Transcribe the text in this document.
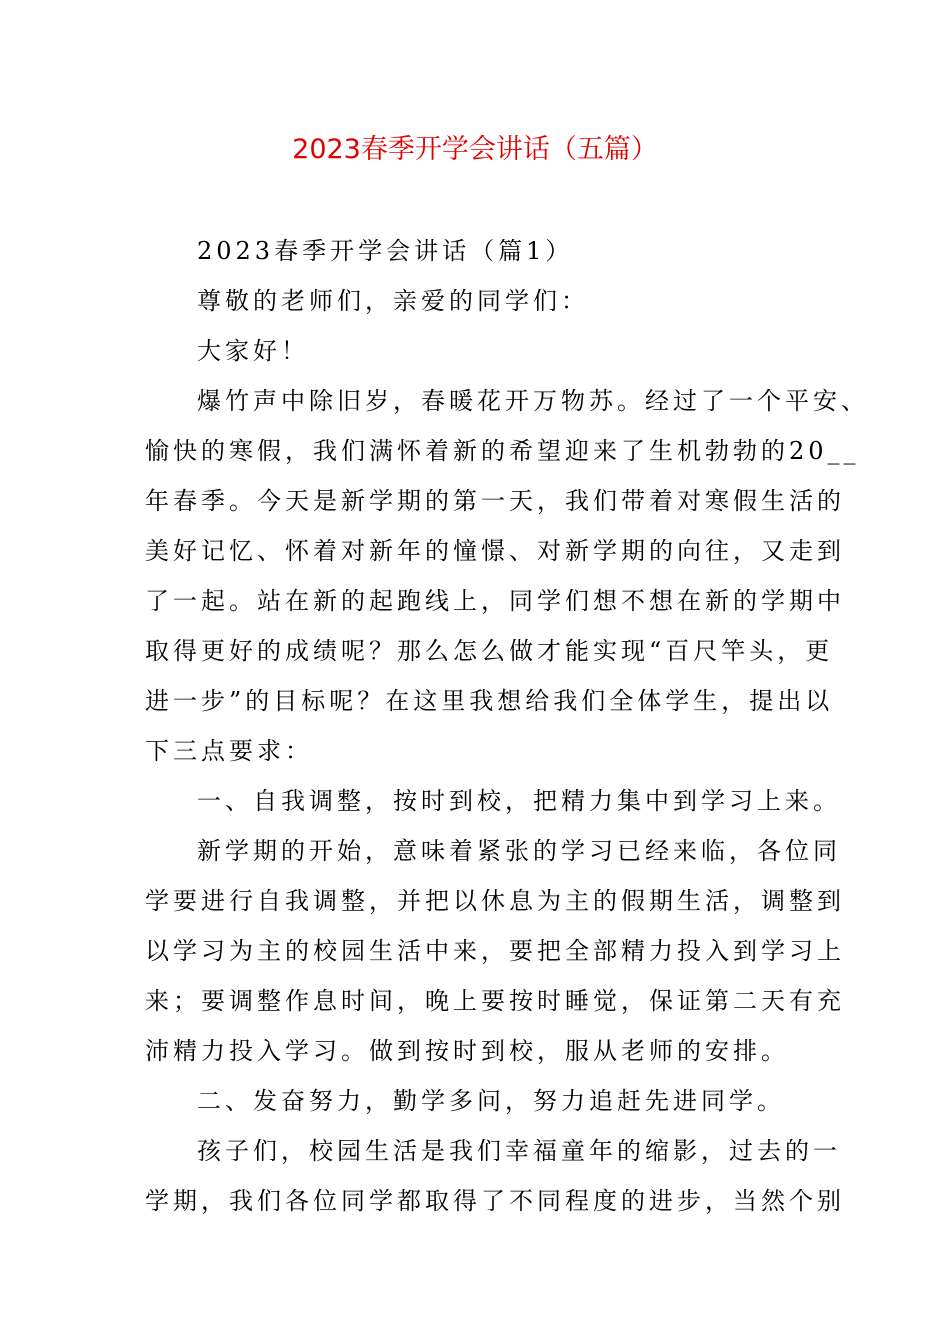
2023春季开学会讲话（五篇）

2023春季开学会讲话（篇1）

尊敬的老师们，亲爱的同学们：

大家好！

爆竹声中除旧岁，春暖花开万物苏。经过了一个平安、

愉快的寒假，我们满怀着新的希望迎来了生机勃勃的20__

年春季。今天是新学期的第一天，我们带着对寒假生活的

美好记忆、怀着对新年的憧憬、对新学期的向往，又走到

了一起。站在新的起跑线上，同学们想不想在新的学期中

取得更好的成绩呢？那么怎么做才能实现“百尺竿头，更

进一步”的目标呢？在这里我想给我们全体学生，提出以

下三点要求：

一、自我调整，按时到校，把精力集中到学习上来。

新学期的开始，意味着紧张的学习已经来临，各位同

学要进行自我调整，并把以休息为主的假期生活，调整到

以学习为主的校园生活中来，要把全部精力投入到学习上

来；要调整作息时间，晚上要按时睡觉，保证第二天有充

沛精力投入学习。做到按时到校，服从老师的安排。

二、发奋努力，勤学多问，努力追赶先进同学。

孩子们，校园生活是我们幸福童年的缩影，过去的一

学期，我们各位同学都取得了不同程度的进步，当然个别
